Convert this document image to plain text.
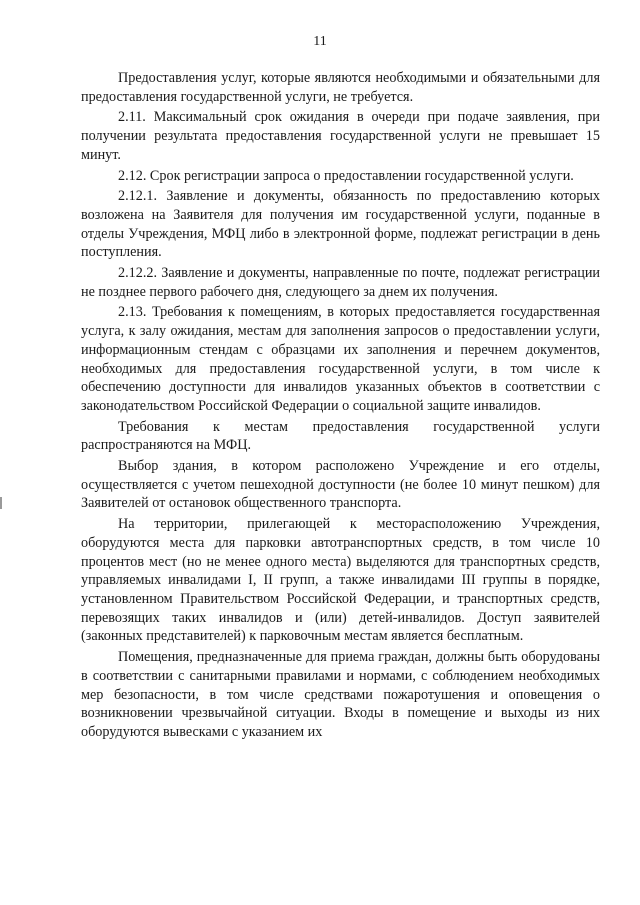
11

Предоставления услуг, которые являются необходимыми и обязательными для предоставления государственной услуги, не требуется.

2.11. Максимальный срок ожидания в очереди при подаче заявления, при получении результата предоставления государственной услуги не превышает 15 минут.

2.12. Срок регистрации запроса о предоставлении государственной услуги.

2.12.1. Заявление и документы, обязанность по предоставлению которых возложена на Заявителя для получения им государственной услуги, поданные в отделы Учреждения, МФЦ либо в электронной форме, подлежат регистрации в день поступления.

2.12.2. Заявление и документы, направленные по почте, подлежат регистрации не позднее первого рабочего дня, следующего за днем их получения.

2.13. Требования к помещениям, в которых предоставляется государственная услуга, к залу ожидания, местам для заполнения запросов о предоставлении услуги, информационным стендам с образцами их заполнения и перечнем документов, необходимых для предоставления государственной услуги, в том числе к обеспечению доступности для инвалидов указанных объектов в соответствии с законодательством Российской Федерации о социальной защите инвалидов.

Требования к местам предоставления государственной услуги распространяются на МФЦ.

Выбор здания, в котором расположено Учреждение и его отделы, осуществляется с учетом пешеходной доступности (не более 10 минут пешком) для Заявителей от остановок общественного транспорта.

На территории, прилегающей к месторасположению Учреждения, оборудуются места для парковки автотранспортных средств, в том числе 10 процентов мест (но не менее одного места) выделяются для транспортных средств, управляемых инвалидами I, II групп, а также инвалидами III группы в порядке, установленном Правительством Российской Федерации, и транспортных средств, перевозящих таких инвалидов и (или) детей-инвалидов. Доступ заявителей (законных представителей) к парковочным местам является бесплатным.

Помещения, предназначенные для приема граждан, должны быть оборудованы в соответствии с санитарными правилами и нормами, с соблюдением необходимых мер безопасности, в том числе средствами пожаротушения и оповещения о возникновении чрезвычайной ситуации. Входы в помещение и выходы из них оборудуются вывесками с указанием их
